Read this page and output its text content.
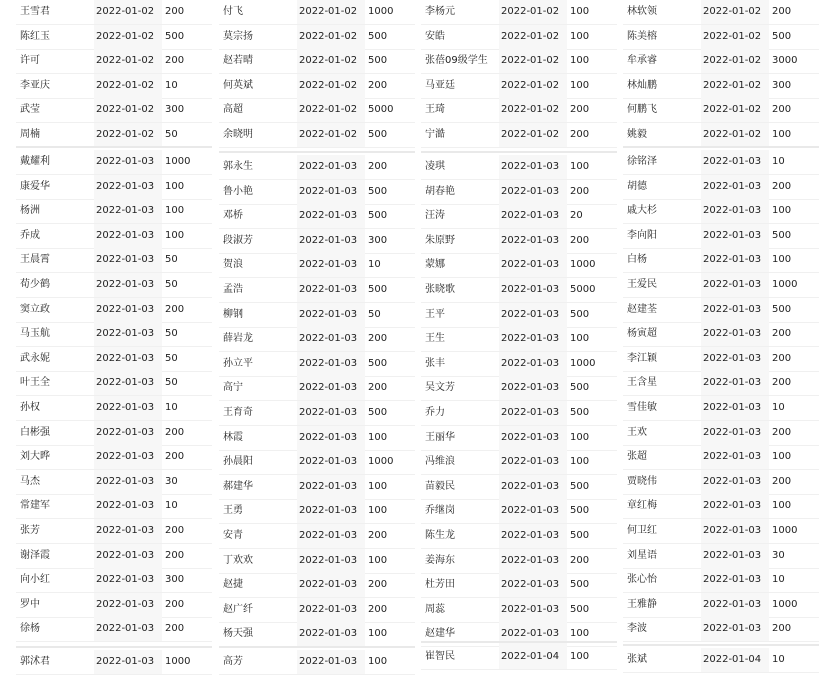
王雪君	2022-01-02	200
陈红玉	2022-01-02	500
许可	2022-01-02	200
李亚庆	2022-01-02	10
武莹	2022-01-02	300
周楠	2022-01-02	50
戴耀利	2022-01-03	1000
康爱华	2022-01-03	100
杨洲	2022-01-03	100
乔成	2022-01-03	100
王晨霄	2022-01-03	50
荀少鹤	2022-01-03	50
窦立政	2022-01-03	200
马玉航	2022-01-03	50
武永妮	2022-01-03	50
叶王全	2022-01-03	50
孙权	2022-01-03	10
白彬强	2022-01-03	200
刘大晔	2022-01-03	200
马杰	2022-01-03	30
常建军	2022-01-03	10
张芳	2022-01-03	200
谢泽霞	2022-01-03	200
向小红	2022-01-03	300
罗中	2022-01-03	200
徐杨	2022-01-03	200
郭沭君	2022-01-03	1000
付飞	2022-01-02	1000
莫宗扬	2022-01-02	500
赵若晴	2022-01-02	500
何英斌	2022-01-02	200
高超	2022-01-02	5000
余晓明	2022-01-02	500
郭永生	2022-01-03	200
鲁小艳	2022-01-03	500
邓桥	2022-01-03	500
段淑芳	2022-01-03	300
贺浪	2022-01-03	10
孟浩	2022-01-03	500
柳钢	2022-01-03	50
薛岩龙	2022-01-03	200
孙立平	2022-01-03	500
高宁	2022-01-03	200
王育奇	2022-01-03	500
林霞	2022-01-03	100
孙晨阳	2022-01-03	1000
郝建华	2022-01-03	100
王勇	2022-01-03	100
安青	2022-01-03	200
丁欢欢	2022-01-03	100
赵捷	2022-01-03	200
赵广纤	2022-01-03	200
杨天强	2022-01-03	100
高芳	2022-01-03	100
李杨元	2022-01-02	100
安皓	2022-01-02	100
张蓓09级学生	2022-01-02	100
马亚廷	2022-01-02	100
王琦	2022-01-02	200
宁澔	2022-01-02	200
凌琪	2022-01-03	100
胡春艳	2022-01-03	200
汪涛	2022-01-03	20
朱原野	2022-01-03	200
蒙娜	2022-01-03	1000
张晓歌	2022-01-03	5000
王平	2022-01-03	500
王生	2022-01-03	100
张丰	2022-01-03	1000
吴文芳	2022-01-03	500
乔力	2022-01-03	500
王丽华	2022-01-03	100
冯维浪	2022-01-03	100
苗毅民	2022-01-03	500
乔继岗	2022-01-03	500
陈生龙	2022-01-03	500
姜海东	2022-01-03	200
杜芳田	2022-01-03	500
周蕊	2022-01-03	500
赵建华	2022-01-03	100
崔智民	2022-01-04	100
林软领	2022-01-02	200
陈美榕	2022-01-02	500
牟承睿	2022-01-02	3000
林灿鹏	2022-01-02	300
何鹏飞	2022-01-02	200
姚毅	2022-01-02	100
徐铭泽	2022-01-03	10
胡德	2022-01-03	200
戚大杉	2022-01-03	100
李向阳	2022-01-03	500
白杨	2022-01-03	100
王爱民	2022-01-03	1000
赵建荃	2022-01-03	500
杨寅超	2022-01-03	200
李江颖	2022-01-03	200
王含星	2022-01-03	200
雪佳敏	2022-01-03	10
王欢	2022-01-03	200
张超	2022-01-03	100
贾晓伟	2022-01-03	200
章红梅	2022-01-03	100
何卫红	2022-01-03	1000
刘星语	2022-01-03	30
张心怡	2022-01-03	10
王雅静	2022-01-03	1000
李波	2022-01-03	200
张斌	2022-01-04	10
